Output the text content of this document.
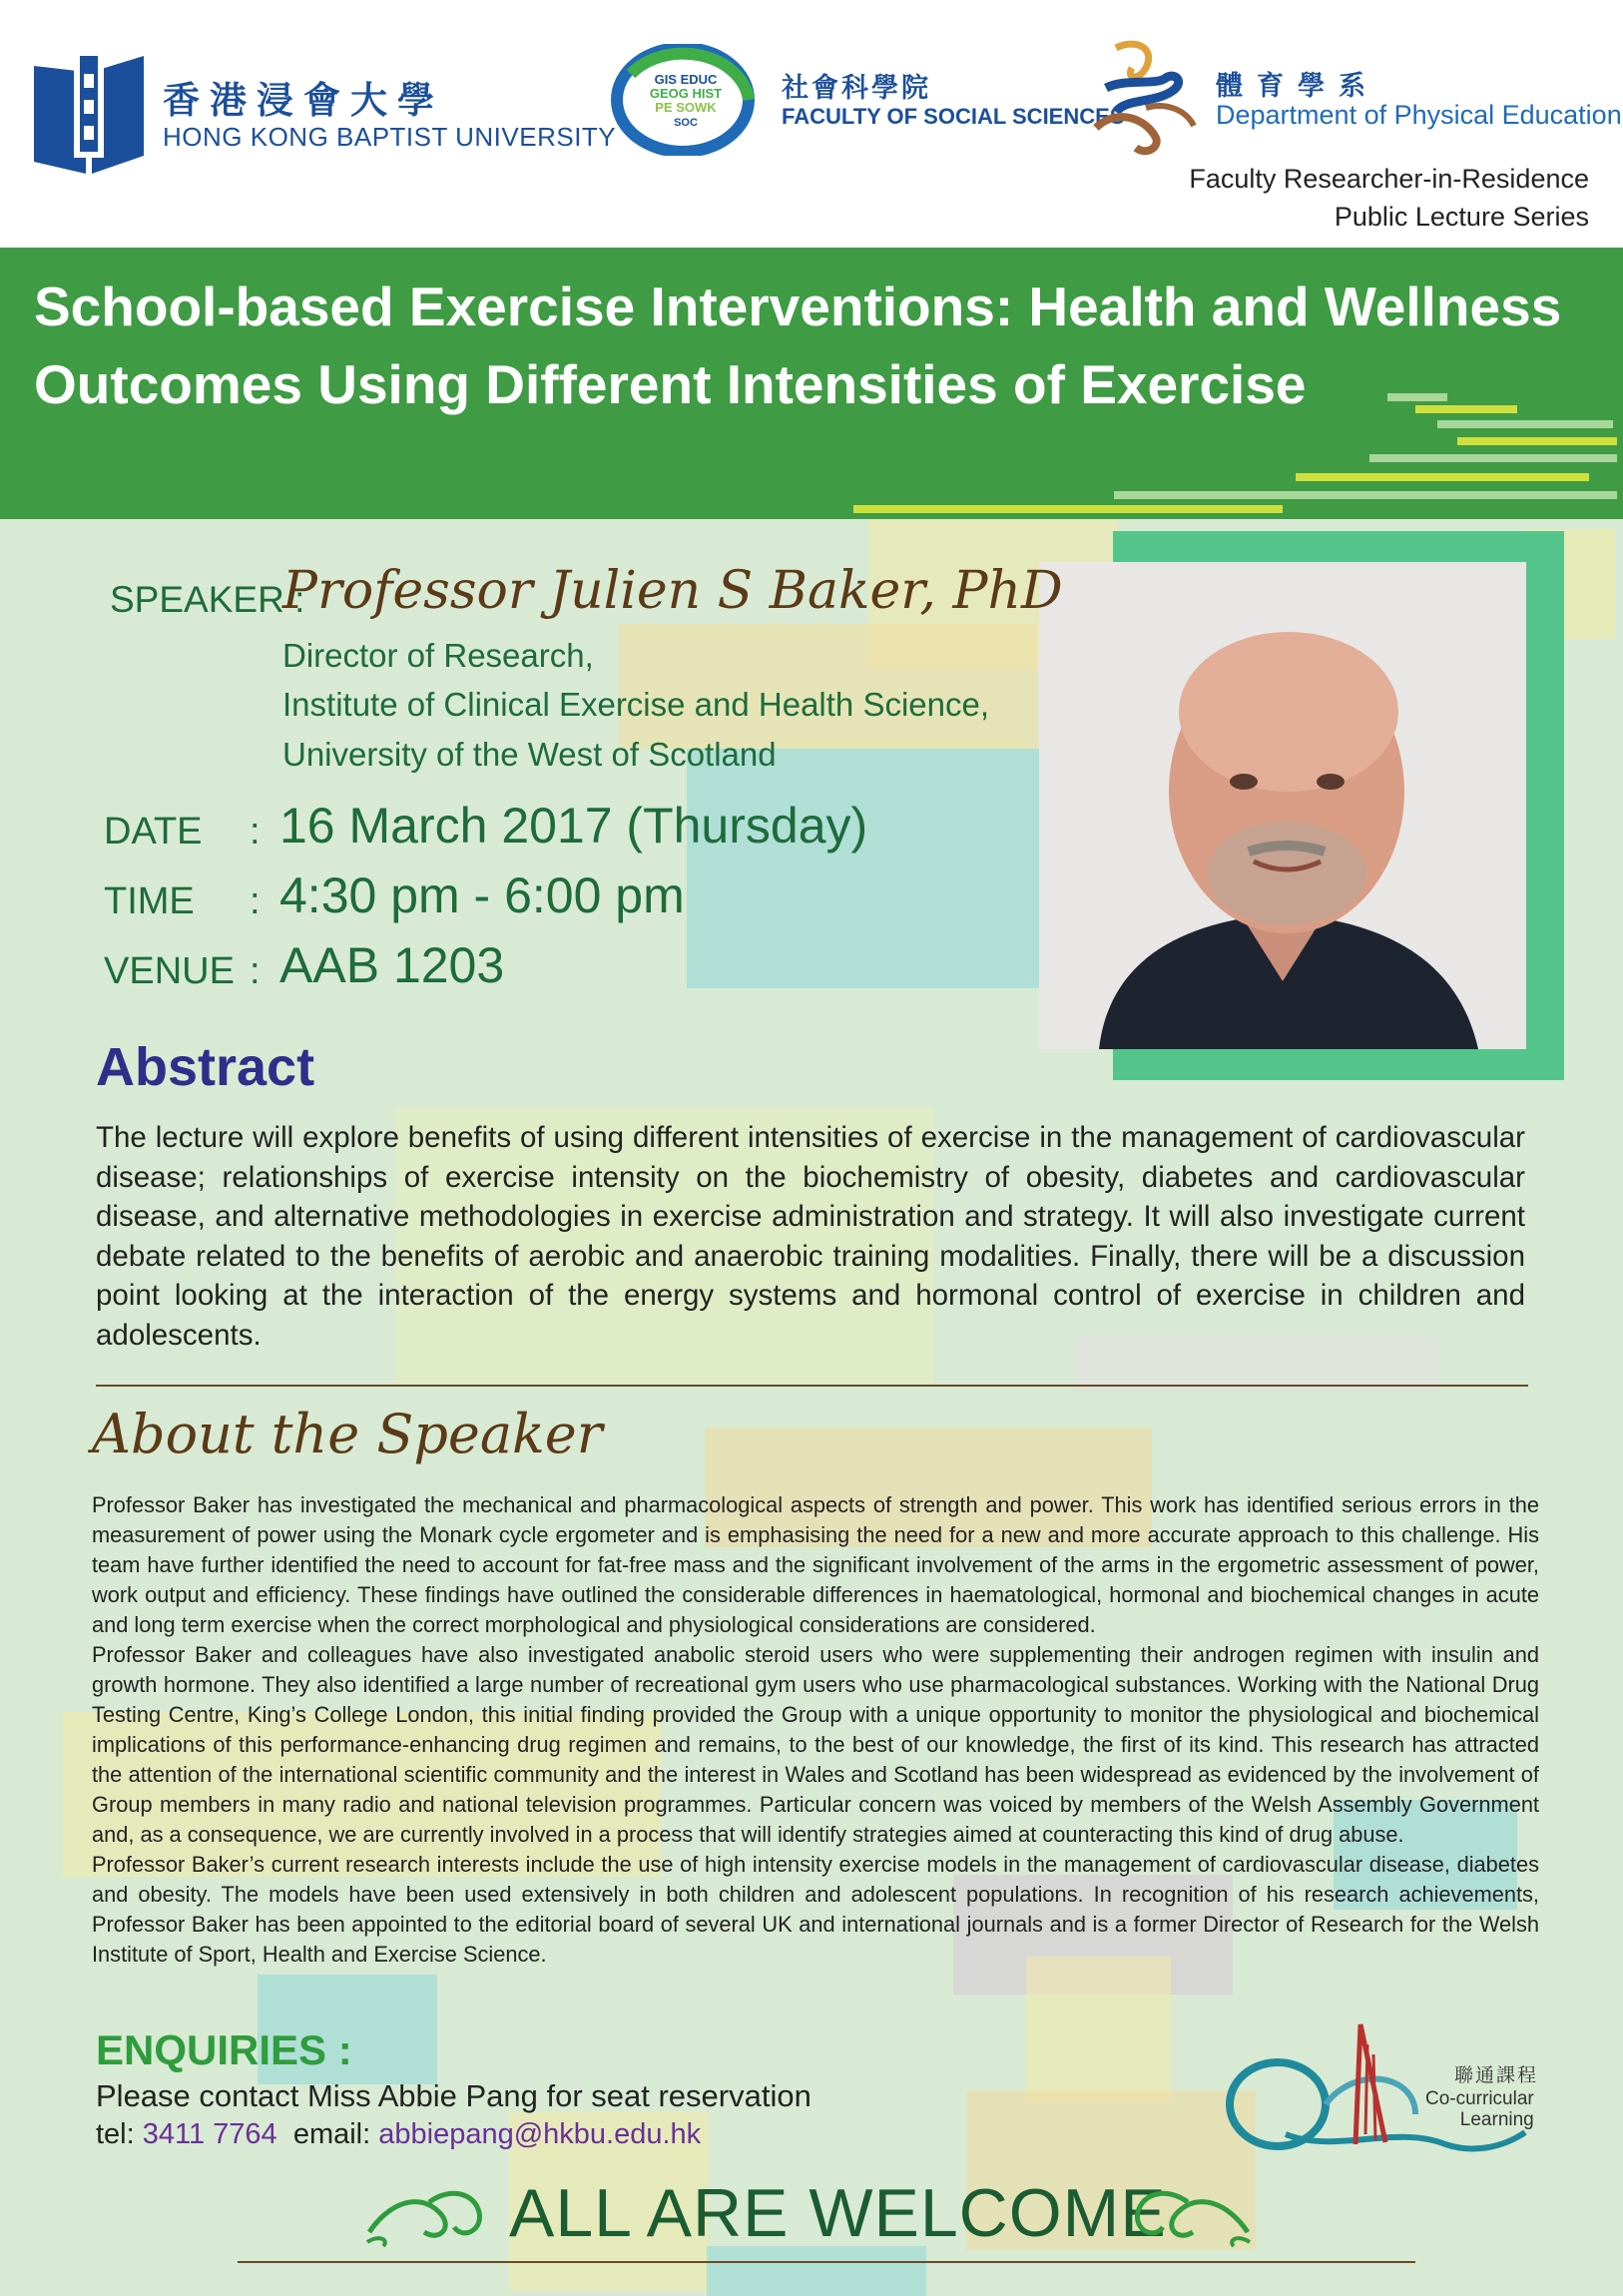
香港浸會大學
HONG KONG BAPTIST UNIVERSITY
GIS EDUC
GEOG HIST
PE SOWK
SOC
社會科學院
FACULTY OF SOCIAL SCIENCES
體育學系
Department of Physical Education
Faculty Researcher-in-Residence
Public Lecture Series
School-based Exercise Interventions: Health and Wellness
Outcomes Using Different Intensities of Exercise
SPEAKER :
Professor Julien S Baker, PhD
Director of Research,
Institute of Clinical Exercise and Health Science,
University of the West of Scotland
DATE : 16 March 2017 (Thursday)
TIME : 4:30 pm - 6:00 pm
VENUE : AAB 1203
Abstract
The lecture will explore benefits of using different intensities of exercise in the management of cardiovascular disease; relationships of exercise intensity on the biochemistry of obesity, diabetes and cardiovascular disease, and alternative methodologies in exercise administration and strategy. It will also investigate current debate related to the benefits of aerobic and anaerobic training modalities. Finally, there will be a discussion point looking at the interaction of the energy systems and hormonal control of exercise in children and adolescents.
About the Speaker

Professor Baker has investigated the mechanical and pharmacological aspects of strength and power. This work has identified serious errors in the measurement of power using the Monark cycle ergometer and is emphasising the need for a new and more accurate approach to this challenge. His team have further identified the need to account for fat-free mass and the significant involvement of the arms in the ergometric assessment of power, work output and efficiency. These findings have outlined the considerable differences in haematological, hormonal and biochemical changes in acute and long term exercise when the correct morphological and physiological considerations are considered.

Professor Baker and colleagues have also investigated anabolic steroid users who were supplementing their androgen regimen with insulin and growth hormone. They also identified a large number of recreational gym users who use pharmacological substances. Working with the National Drug Testing Centre, King’s College London, this initial finding provided the Group with a unique opportunity to monitor the physiological and biochemical implications of this performance-enhancing drug regimen and remains, to the best of our knowledge, the first of its kind. This research has attracted the attention of the international scientific community and the interest in Wales and Scotland has been widespread as evidenced by the involvement of Group members in many radio and national television programmes. Particular concern was voiced by members of the Welsh Assembly Government and, as a consequence, we are currently involved in a process that will identify strategies aimed at counteracting this kind of drug abuse.

Professor Baker’s current research interests include the use of high intensity exercise models in the management of cardiovascular disease, diabetes and obesity. The models have been used extensively in both children and adolescent populations. In recognition of his research achievements, Professor Baker has been appointed to the editorial board of several UK and international journals and is a former Director of Research for the Welsh Institute of Sport, Health and Exercise Science.

ENQUIRIES :
Please contact Miss Abbie Pang for seat reservation
tel: 3411 7764 email: abbiepang@hkbu.edu.hk
聯通課程
Co-curricular
Learning
ALL ARE WELCOME
